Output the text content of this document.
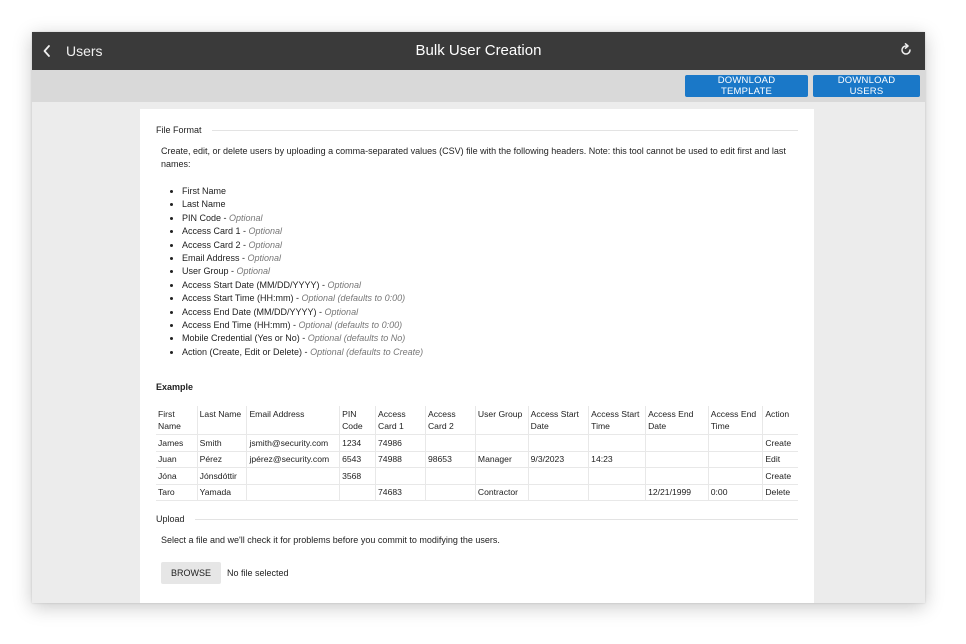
Users	Bulk User Creation
DOWNLOAD TEMPLATE
DOWNLOAD USERS
File Format
Create, edit, or delete users by uploading a comma-separated values (CSV) file with the following headers. Note: this tool cannot be used to edit first and last names:
• First Name
• Last Name
• PIN Code - Optional
• Access Card 1 - Optional
• Access Card 2 - Optional
• Email Address - Optional
• User Group - Optional
• Access Start Date (MM/DD/YYYY) - Optional
• Access Start Time (HH:mm) - Optional (defaults to 0:00)
• Access End Date (MM/DD/YYYY) - Optional
• Access End Time (HH:mm) - Optional (defaults to 0:00)
• Mobile Credential (Yes or No) - Optional (defaults to No)
• Action (Create, Edit or Delete) - Optional (defaults to Create)
Example
First Name	Last Name	Email Address	PIN Code	Access Card 1	Access Card 2	User Group	Access Start Date	Access Start Time	Access End Date	Access End Time	Action
James	Smith	jsmith@security.com	1234	74986							Create
Juan	Pérez	jpérez@security.com	6543	74988	98653	Manager	9/3/2023	14:23			Edit
Jóna	Jónsdóttir		3568								Create
Taro	Yamada			74683		Contractor			12/21/1999	0:00	Delete
Upload
Select a file and we'll check it for problems before you commit to modifying the users.
BROWSE	No file selected
